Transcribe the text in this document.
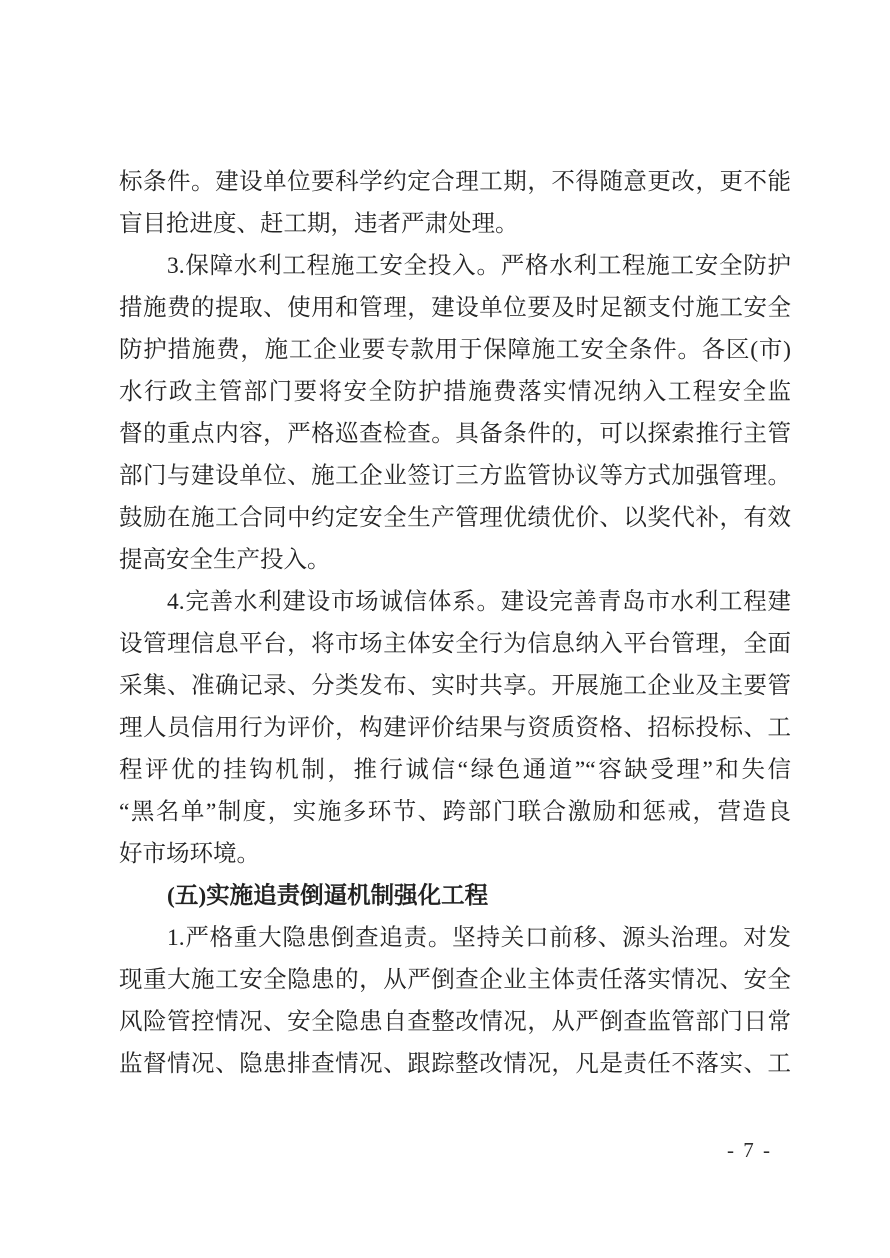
标条件。建设单位要科学约定合理工期，不得随意更改，更不能
盲目抢进度、赶工期，违者严肃处理。
3.保障水利工程施工安全投入。严格水利工程施工安全防护
措施费的提取、使用和管理，建设单位要及时足额支付施工安全
防护措施费，施工企业要专款用于保障施工安全条件。各区(市)
水行政主管部门要将安全防护措施费落实情况纳入工程安全监
督的重点内容，严格巡查检查。具备条件的，可以探索推行主管
部门与建设单位、施工企业签订三方监管协议等方式加强管理。
鼓励在施工合同中约定安全生产管理优绩优价、以奖代补，有效
提高安全生产投入。
4.完善水利建设市场诚信体系。建设完善青岛市水利工程建
设管理信息平台，将市场主体安全行为信息纳入平台管理，全面
采集、准确记录、分类发布、实时共享。开展施工企业及主要管
理人员信用行为评价，构建评价结果与资质资格、招标投标、工
程评优的挂钩机制，推行诚信“绿色通道”“容缺受理”和失信
“黑名单”制度，实施多环节、跨部门联合激励和惩戒，营造良
好市场环境。
(五)实施追责倒逼机制强化工程
1.严格重大隐患倒查追责。坚持关口前移、源头治理。对发
现重大施工安全隐患的，从严倒查企业主体责任落实情况、安全
风险管控情况、安全隐患自查整改情况，从严倒查监管部门日常
监督情况、隐患排查情况、跟踪整改情况，凡是责任不落实、工
- 7 -
